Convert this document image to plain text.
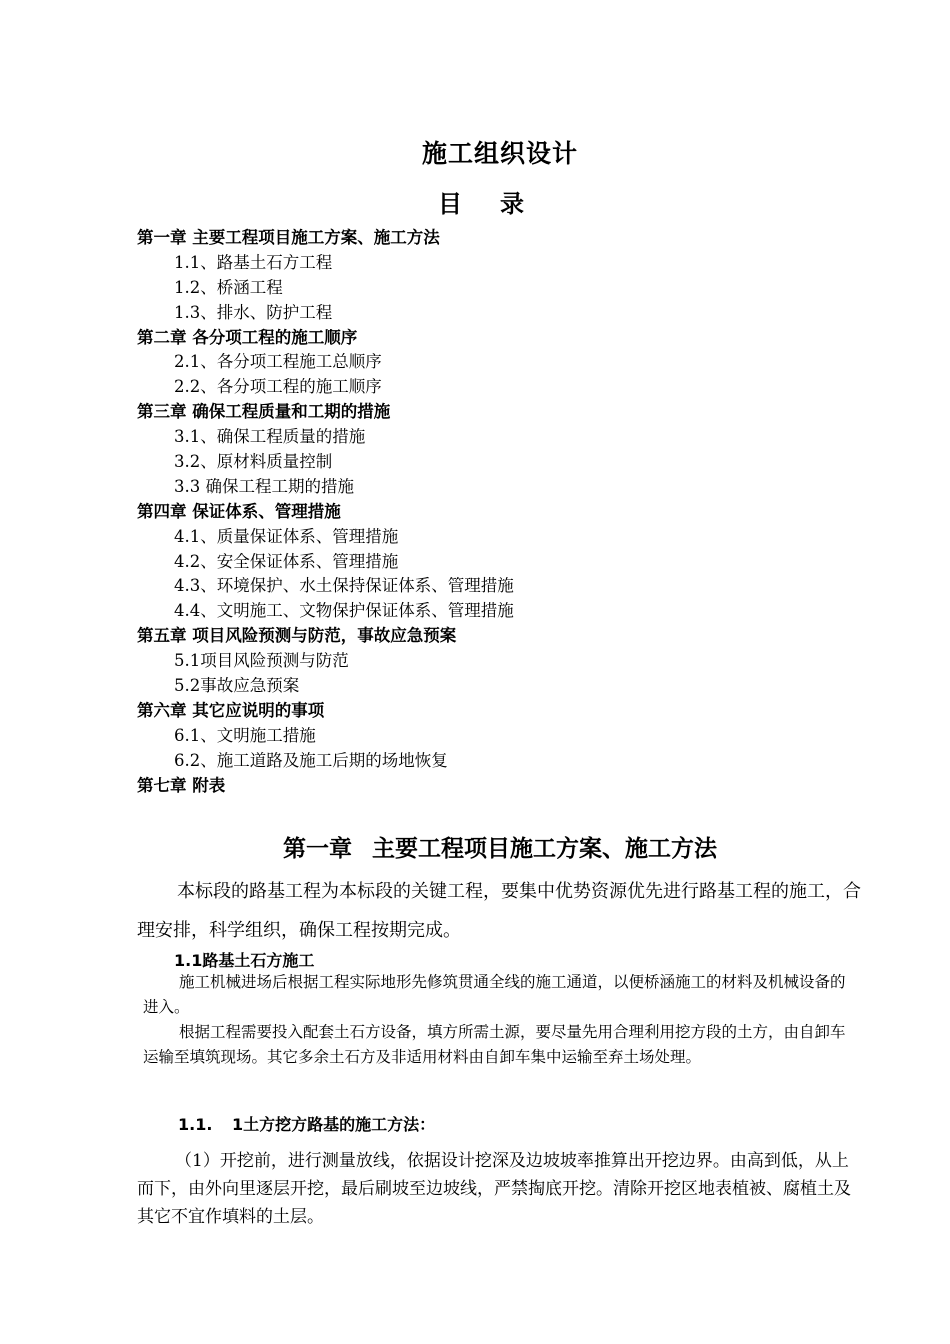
施工组织设计
目录
第一章 主要工程项目施工方案、施工方法
1.1、路基土石方工程
1.2、桥涵工程
1.3、排水、防护工程
第二章 各分项工程的施工顺序
2.1、各分项工程施工总顺序
2.2、各分项工程的施工顺序
第三章 确保工程质量和工期的措施
3.1、确保工程质量的措施
3.2、原材料质量控制
3.3 确保工程工期的措施
第四章 保证体系、管理措施
4.1、质量保证体系、管理措施
4.2、安全保证体系、管理措施
4.3、环境保护、水土保持保证体系、管理措施
4.4、文明施工、文物保护保证体系、管理措施
第五章 项目风险预测与防范，事故应急预案
5.1项目风险预测与防范
5.2事故应急预案
第六章 其它应说明的事项
6.1、文明施工措施
6.2、施工道路及施工后期的场地恢复
第七章 附表
第一章 主要工程项目施工方案、施工方法
本标段的路基工程为本标段的关键工程，要集中优势资源优先进行路基工程的施工，合理安排，科学组织，确保工程按期完成。
1.1路基土石方施工
施工机械进场后根据工程实际地形先修筑贯通全线的施工通道，以便桥涵施工的材料及机械设备的进入。
根据工程需要投入配套土石方设备，填方所需土源，要尽量先用合理利用挖方段的土方，由自卸车运输至填筑现场。其它多余土石方及非适用材料由自卸车集中运输至弃土场处理。
1.1. 1土方挖方路基的施工方法：
（1）开挖前，进行测量放线，依据设计挖深及边坡坡率推算出开挖边界。由高到低，从上而下，由外向里逐层开挖，最后刷坡至边坡线，严禁掏底开挖。清除开挖区地表植被、腐植土及其它不宜作填料的土层。
